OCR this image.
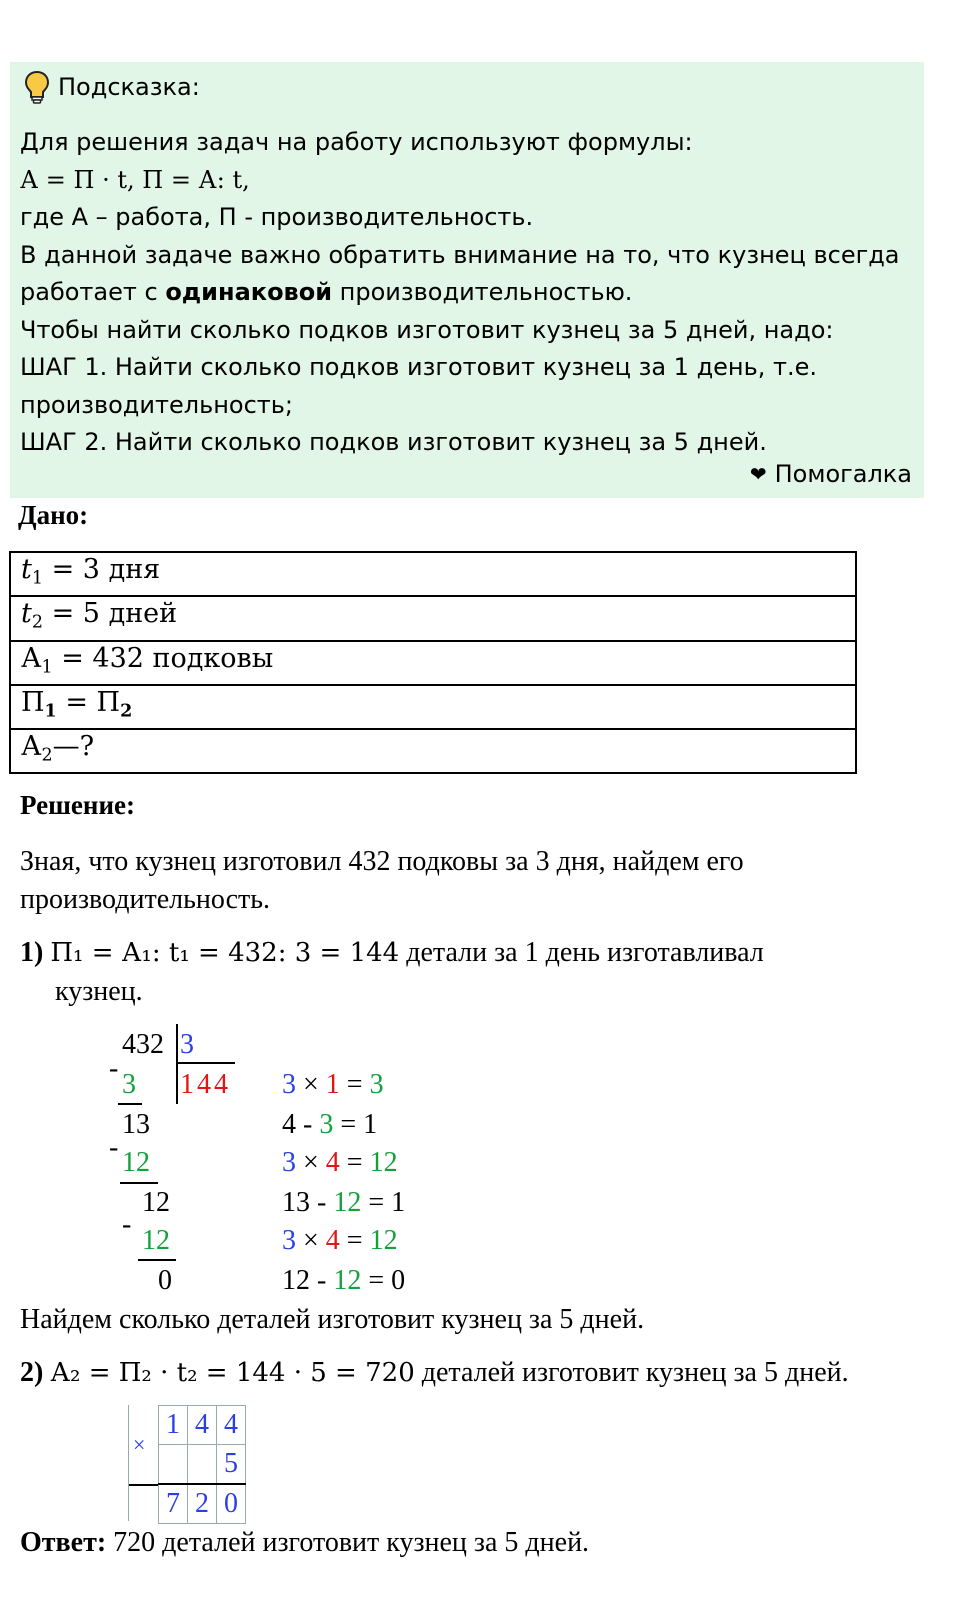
Подсказка:

Для решения задач на работу используют формулы:

А = П · t, П = А: t,

где А – работа, П - производительность.

В данной задаче важно обратить внимание на то, что кузнец всегда

работает с одинаковой производительностью.

Чтобы найти сколько подков изготовит кузнец за 5 дней, надо:

ШАГ 1. Найти сколько подков изготовит кузнец за 1 день, т.е.

производительность;

ШАГ 2. Найти сколько подков изготовит кузнец за 5 дней.

❤ Помогалка
Дано:
$t_1 = 3$ дня
$t_2 = 5$ дней
$А_1 = 432$ подковы
$П_1 = П_2$
$А_2—$?
Решение:
Зная, что кузнец изготовил 432 подковы за 3 дня, найдем его
производительность.
1) П₁ = А₁: t₁ = 432: 3 = 144 детали за 1 день изготавливал
кузнец.
432 3
144
-
3
13
- 12
12
-
12
0
3 × 1 = 3
4 - 3 = 1
3 × 4 = 12
13 - 12 = 1
3 × 4 = 12
12 - 12 = 0
Найдем сколько деталей изготовит кузнец за 5 дней.
2) А₂ = П₂ · t₂ = 144 · 5 = 720 деталей изготовит кузнец за 5 дней.
×
1	4	4
		5
7	2	0
Ответ: 720 деталей изготовит кузнец за 5 дней.
